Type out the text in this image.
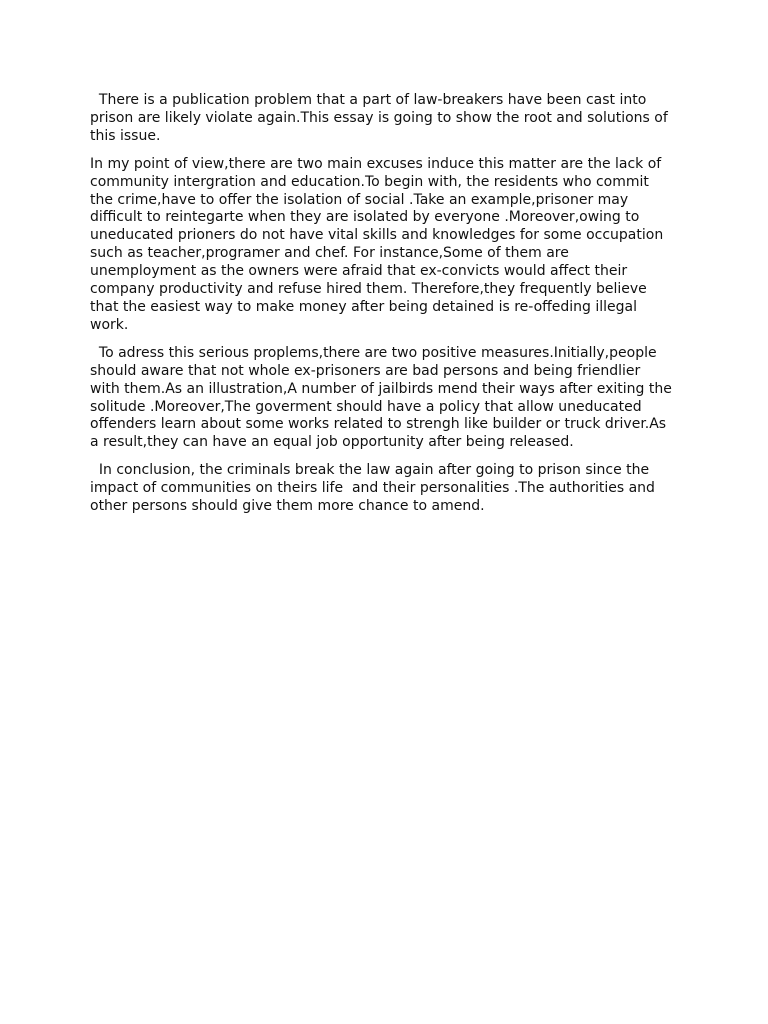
There is a publication problem that a part of law-breakers have been cast into prison are likely violate again.This essay is going to show the root and solutions of this issue.

In my point of view,there are two main excuses induce this matter are the lack of community intergration and education.To begin with, the residents who commit the crime,have to offer the isolation of social .Take an example,prisoner may difficult to reintegarte when they are isolated by everyone .Moreover,owing to uneducated prioners do not have vital skills and knowledges for some occupation such as teacher,programer and chef. For instance,Some of them are unemployment as the owners were afraid that ex-convicts would affect their company productivity and refuse hired them. Therefore,they frequently believe that the easiest way to make money after being detained is re-offeding illegal work.

To adress this serious proplems,there are two positive measures.Initially,people should aware that not whole ex-prisoners are bad persons and being friendlier with them.As an illustration,A number of jailbirds mend their ways after exiting the solitude .Moreover,The goverment should have a policy that allow uneducated offenders learn about some works related to strengh like builder or truck driver.As a result,they can have an equal job opportunity after being released.

In conclusion, the criminals break the law again after going to prison since the impact of communities on theirs life  and their personalities .The authorities and other persons should give them more chance to amend.
